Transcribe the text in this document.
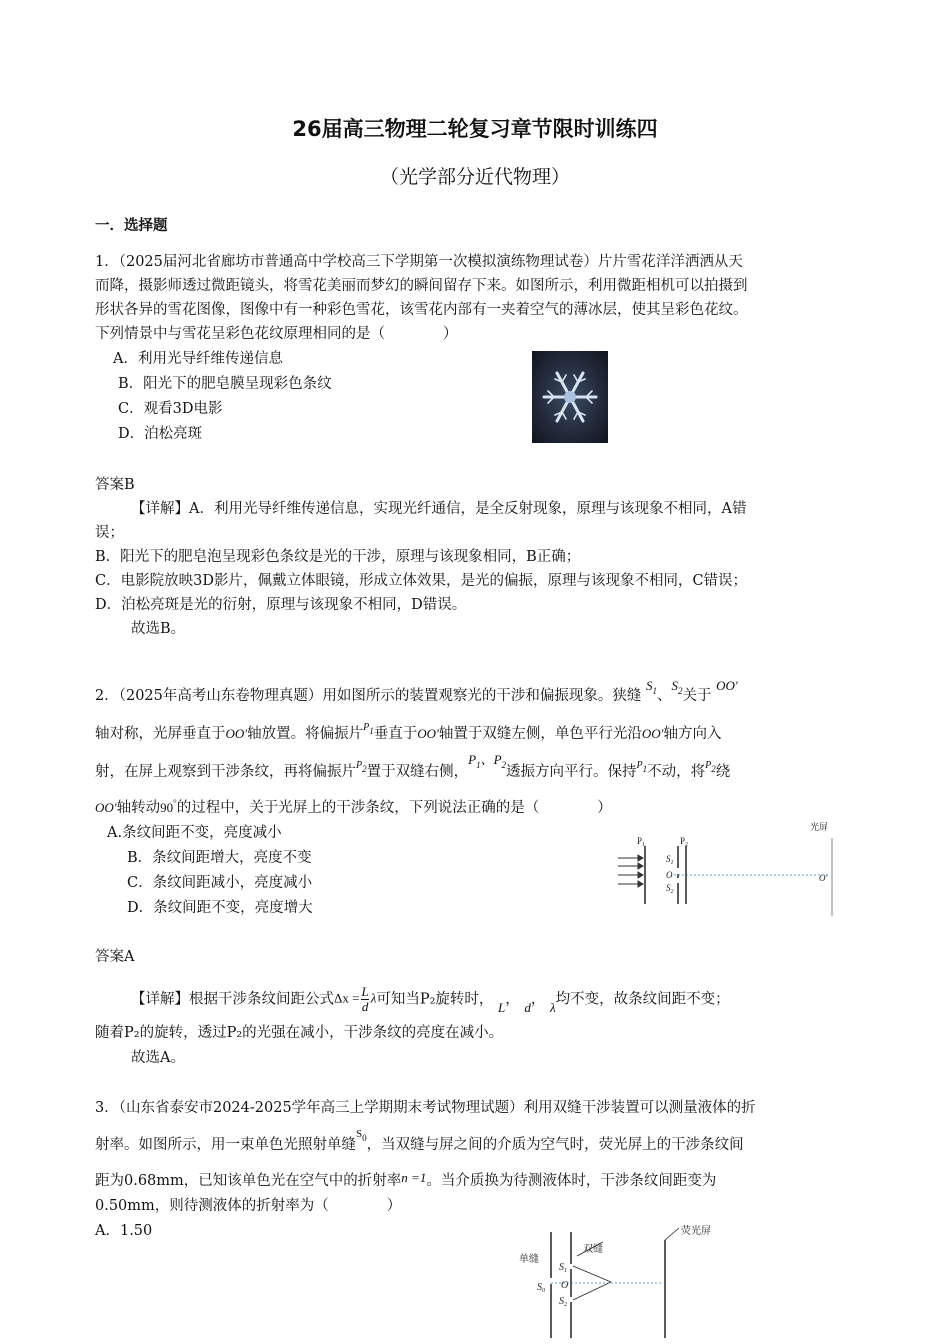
26届高三物理二轮复习章节限时训练四
（光学部分近代物理）
一．选择题
1．（2025届河北省廊坊市普通高中学校高三下学期第一次模拟演练物理试卷）片片雪花洋洋洒洒从天
而降，摄影师透过微距镜头，将雪花美丽而梦幻的瞬间留存下来。如图所示，利用微距相机可以拍摄到
形状各异的雪花图像，图像中有一种彩色雪花，该雪花内部有一夹着空气的薄冰层，使其呈彩色花纹。
下列情景中与雪花呈彩色花纹原理相同的是（　　　　）
A．利用光导纤维传递信息
B．阳光下的肥皂膜呈现彩色条纹
C．观看3D电影
D．泊松亮斑
答案B
【详解】A．利用光导纤维传递信息，实现光纤通信，是全反射现象，原理与该现象不相同，A错
误；
B．阳光下的肥皂泡呈现彩色条纹是光的干涉，原理与该现象相同，B正确；
C．电影院放映3D影片，佩戴立体眼镜，形成立体效果，是光的偏振，原理与该现象不相同，C错误；
D．泊松亮斑是光的衍射，原理与该现象不相同，D错误。
故选B。
2．（2025年高考山东卷物理真题）用如图所示的装置观察光的干涉和偏振现象。狭缝 $S_1$、$S_2$关于 OO′
轴对称，光屏垂直于OO′轴放置。将偏振片$^{P1}$垂直于OO′轴置于双缝左侧，单色平行光沿OO′轴方向入
射，在屏上观察到干涉条纹，再将偏振片$^{P2}$置于双缝右侧，$P_1$、$P_2$透振方向平行。保持$^{P1}$不动，将$^{P2}$绕
OO′轴转动90°的过程中，关于光屏上的干涉条纹，下列说法正确的是（　　　　）
A.条纹间距不变，亮度减小
B．条纹间距增大，亮度不变
C．条纹间距减小，亮度减小
D．条纹间距不变，亮度增大
光屏
$P_1$	$P_2$
$S_1$
O
$S_2$
O′
答案A
【详解】根据干涉条纹间距公式$\Delta x = \frac{L}{d}$ λ可知当P₂旋转时， L， d， λ均不变，故条纹间距不变；
随着P₂的旋转，透过P₂的光强在减小，干涉条纹的亮度在减小。
故选A。
3．（山东省泰安市2024-2025学年高三上学期期末考试物理试题）利用双缝干涉装置可以测量液体的折
射率。如图所示，用一束单色光照射单缝$^{S_0}$，当双缝与屏之间的介质为空气时，荧光屏上的干涉条纹间
距为0.68mm，已知该单色光在空气中的折射率n =1。当介质换为待测液体时，干涉条纹间距变为
0.50mm，则待测液体的折射率为（　　　　）
A．1.50
单缝
双缝
荧光屏
$S_0$
$S_1$
O
$S_2$
